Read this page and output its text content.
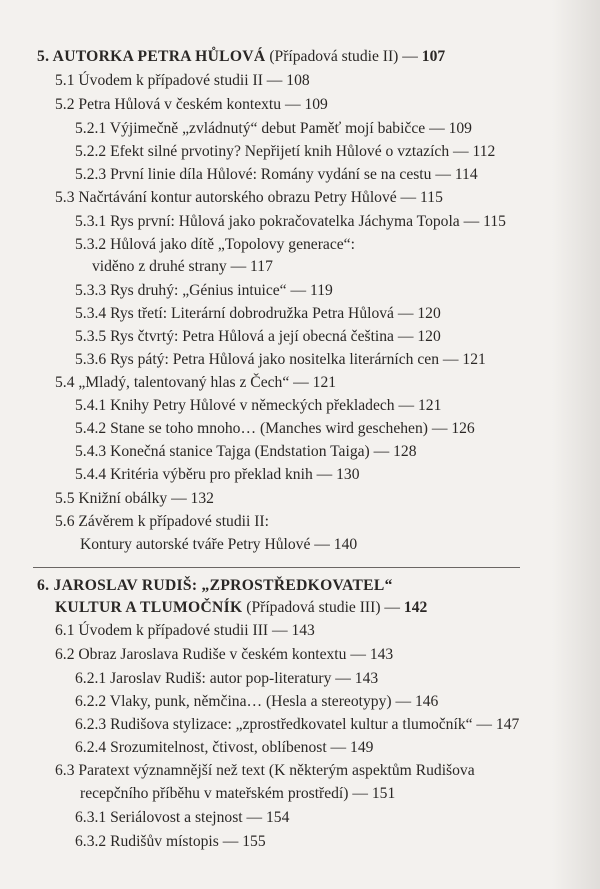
5. AUTORKA PETRA HŮLOVÁ (Případová studie II) — 107
5.1 Úvodem k případové studii II — 108
5.2 Petra Hůlová v českém kontextu — 109
5.2.1 Výjimečně „zvládnutý“ debut Paměť mojí babičce — 109
5.2.2 Efekt silné prvotiny? Nepřijetí knih Hůlové o vztazích — 112
5.2.3 První linie díla Hůlové: Romány vydání se na cestu — 114
5.3 Načrtávání kontur autorského obrazu Petry Hůlové — 115
5.3.1 Rys první: Hůlová jako pokračovatelka Jáchyma Topola — 115
5.3.2 Hůlová jako dítě „Topolovy generace“:
viděno z druhé strany — 117
5.3.3 Rys druhý: „Génius intuice“ — 119
5.3.4 Rys třetí: Literární dobrodružka Petra Hůlová — 120
5.3.5 Rys čtvrtý: Petra Hůlová a její obecná čeština — 120
5.3.6 Rys pátý: Petra Hůlová jako nositelka literárních cen — 121
5.4 „Mladý, talentovaný hlas z Čech“ — 121
5.4.1 Knihy Petry Hůlové v německých překladech — 121
5.4.2 Stane se toho mnoho… (Manches wird geschehen) — 126
5.4.3 Konečná stanice Tajga (Endstation Taiga) — 128
5.4.4 Kritéria výběru pro překlad knih — 130
5.5 Knižní obálky — 132
5.6 Závěrem k případové studii II:
Kontury autorské tváře Petry Hůlové — 140
6. JAROSLAV RUDIŠ: „ZPROSTŘEDKOVATEL“
KULTUR A TLUMOČNÍK (Případová studie III) — 142
6.1 Úvodem k případové studii III — 143
6.2 Obraz Jaroslava Rudiše v českém kontextu — 143
6.2.1 Jaroslav Rudiš: autor pop-literatury — 143
6.2.2 Vlaky, punk, němčina… (Hesla a stereotypy) — 146
6.2.3 Rudišova stylizace: „zprostředkovatel kultur a tlumočník“ — 147
6.2.4 Srozumitelnost, čtivost, oblíbenost — 149
6.3 Paratext významnější než text (K některým aspektům Rudišova
recepčního příběhu v mateřském prostředí) — 151
6.3.1 Seriálovost a stejnost — 154
6.3.2 Rudišův místopis — 155
